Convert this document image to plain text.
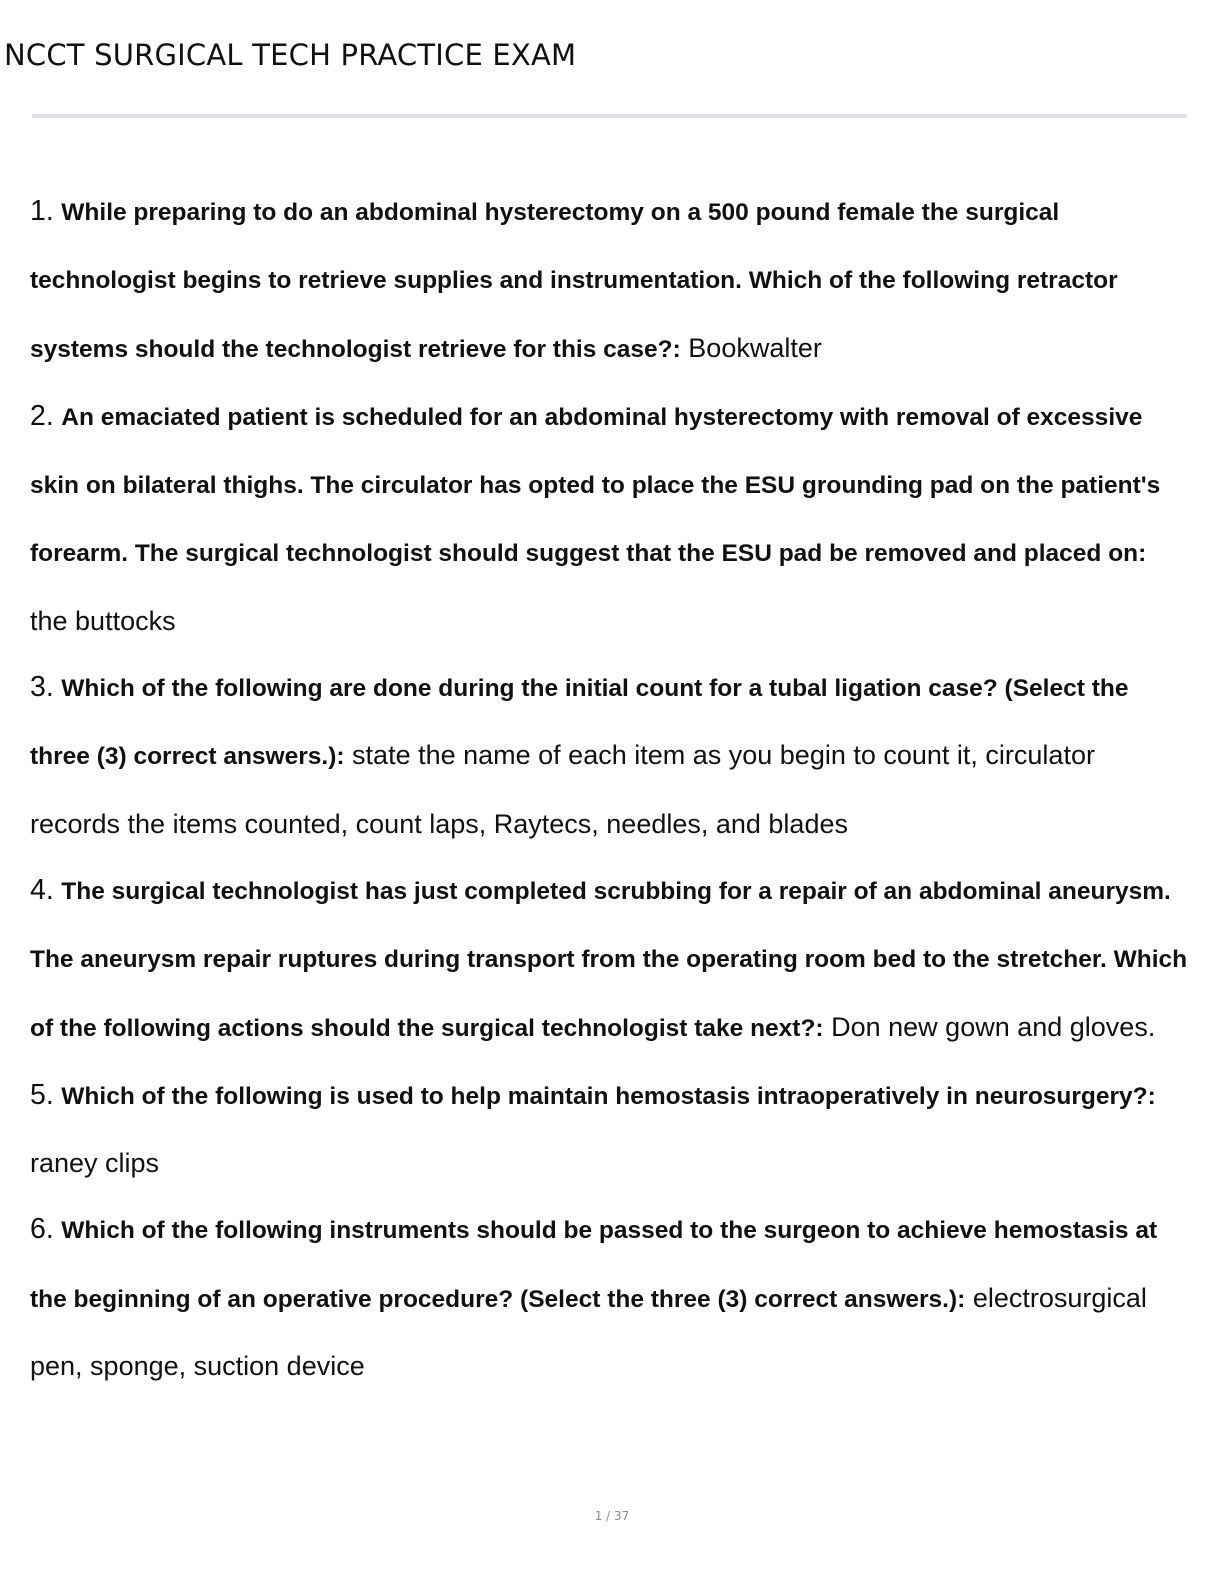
NCCT SURGICAL TECH PRACTICE EXAM
1. While preparing to do an abdominal hysterectomy on a 500 pound female the surgical technologist begins to retrieve supplies and instrumentation. Which of the following retractor systems should the technologist retrieve for this case?: Bookwalter
2. An emaciated patient is scheduled for an abdominal hysterectomy with removal of excessive skin on bilateral thighs. The circulator has opted to place the ESU grounding pad on the patient's forearm. The surgical technologist should suggest that the ESU pad be removed and placed on: the buttocks
3. Which of the following are done during the initial count for a tubal ligation case? (Select the three (3) correct answers.): state the name of each item as you begin to count it, circulator records the items counted, count laps, Raytecs, needles, and blades
4. The surgical technologist has just completed scrubbing for a repair of an abdominal aneurysm. The aneurysm repair ruptures during transport from the operating room bed to the stretcher. Which of the following actions should the surgical technologist take next?: Don new gown and gloves.
5. Which of the following is used to help maintain hemostasis intraoperatively in neurosurgery?: raney clips
6. Which of the following instruments should be passed to the surgeon to achieve hemostasis at the beginning of an operative procedure? (Select the three (3) correct answers.): electrosurgical pen, sponge, suction device
1 / 37
